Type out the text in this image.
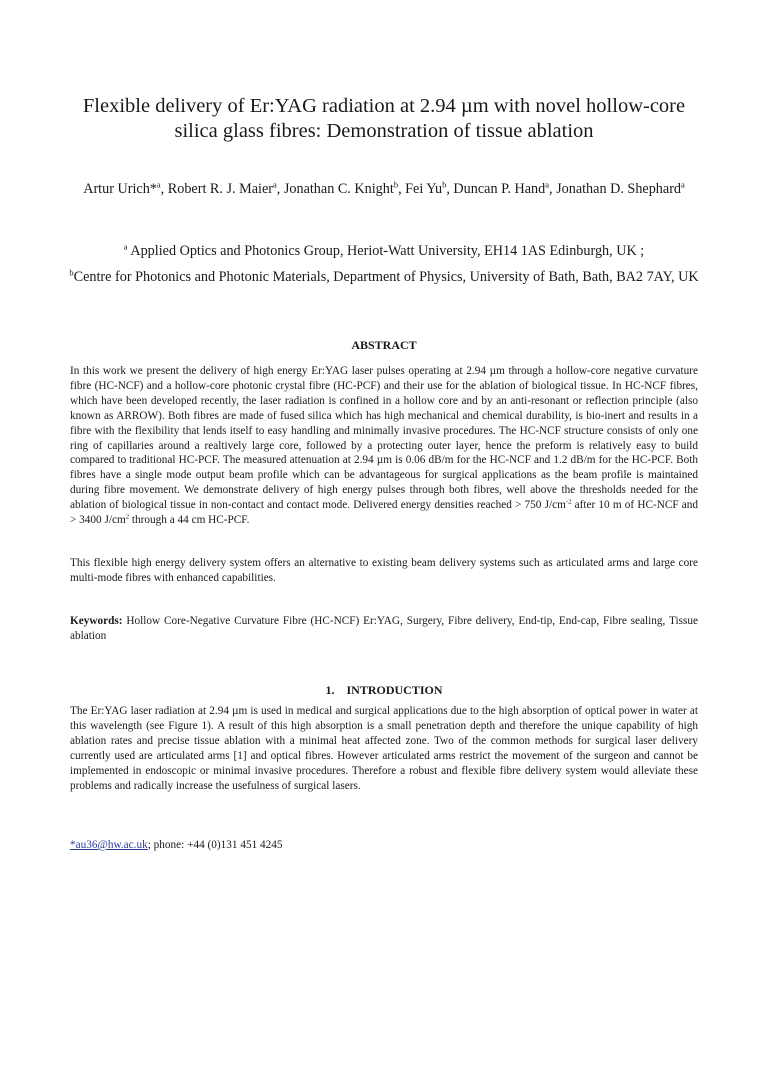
Flexible delivery of Er:YAG radiation at 2.94 µm with novel hollow-core
silica glass fibres: Demonstration of tissue ablation
Artur Urich*$^a$, Robert R. J. Maier$^a$, Jonathan C. Knight$^b$, Fei Yu$^b$, Duncan P. Hand$^a$, Jonathan D. Shephard$^a$
$^a$ Applied Optics and Photonics Group, Heriot-Watt University, EH14 1AS Edinburgh, UK ;
$^b$Centre for Photonics and Photonic Materials, Department of Physics, University of Bath, Bath, BA2 7AY, UK
ABSTRACT
In this work we present the delivery of high energy Er:YAG laser pulses operating at 2.94 µm through a hollow-core negative curvature fibre (HC-NCF) and a hollow-core photonic crystal fibre (HC-PCF) and their use for the ablation of biological tissue. In HC-NCF fibres, which have been developed recently, the laser radiation is confined in a hollow core and by an anti-resonant or reflection principle (also known as ARROW). Both fibres are made of fused silica which has high mechanical and chemical durability, is bio-inert and results in a fibre with the flexibility that lends itself to easy handling and minimally invasive procedures. The HC-NCF structure consists of only one ring of capillaries around a realtively large core, followed by a protecting outer layer, hence the preform is relatively easy to build compared to traditional HC-PCF. The measured attenuation at 2.94 µm is 0.06 dB/m for the HC-NCF and 1.2 dB/m for the HC-PCF. Both fibres have a single mode output beam profile which can be advantageous for surgical applications as the beam profile is maintained during fibre movement. We demonstrate delivery of high energy pulses through both fibres, well above the thresholds needed for the ablation of biological tissue in non-contact and contact mode. Delivered energy densities reached > 750 $J/cm^{-2}$ after 10 m of HC-NCF and > 3400 $J/cm^2$ through a 44 cm HC-PCF.
This flexible high energy delivery system offers an alternative to existing beam delivery systems such as articulated arms and large core multi-mode fibres with enhanced capabilities.
Keywords: Hollow Core-Negative Curvature Fibre (HC-NCF) Er:YAG, Surgery, Fibre delivery, End-tip, End-cap, Fibre sealing, Tissue ablation
1.    INTRODUCTION
The Er:YAG laser radiation at 2.94 µm is used in medical and surgical applications due to the high absorption of optical power in water at this wavelength (see Figure 1). A result of this high absorption is a small penetration depth and therefore the unique capability of high ablation rates and precise tissue ablation with a minimal heat affected zone. Two of the common methods for surgical laser delivery currently used are articulated arms [1] and optical fibres. However articulated arms restrict the movement of the surgeon and cannot be implemented in endoscopic or minimal invasive procedures. Therefore a robust and flexible fibre delivery system would alleviate these problems and radically increase the usefulness of surgical lasers.
*au36@hw.ac.uk; phone: +44 (0)131 451 4245
